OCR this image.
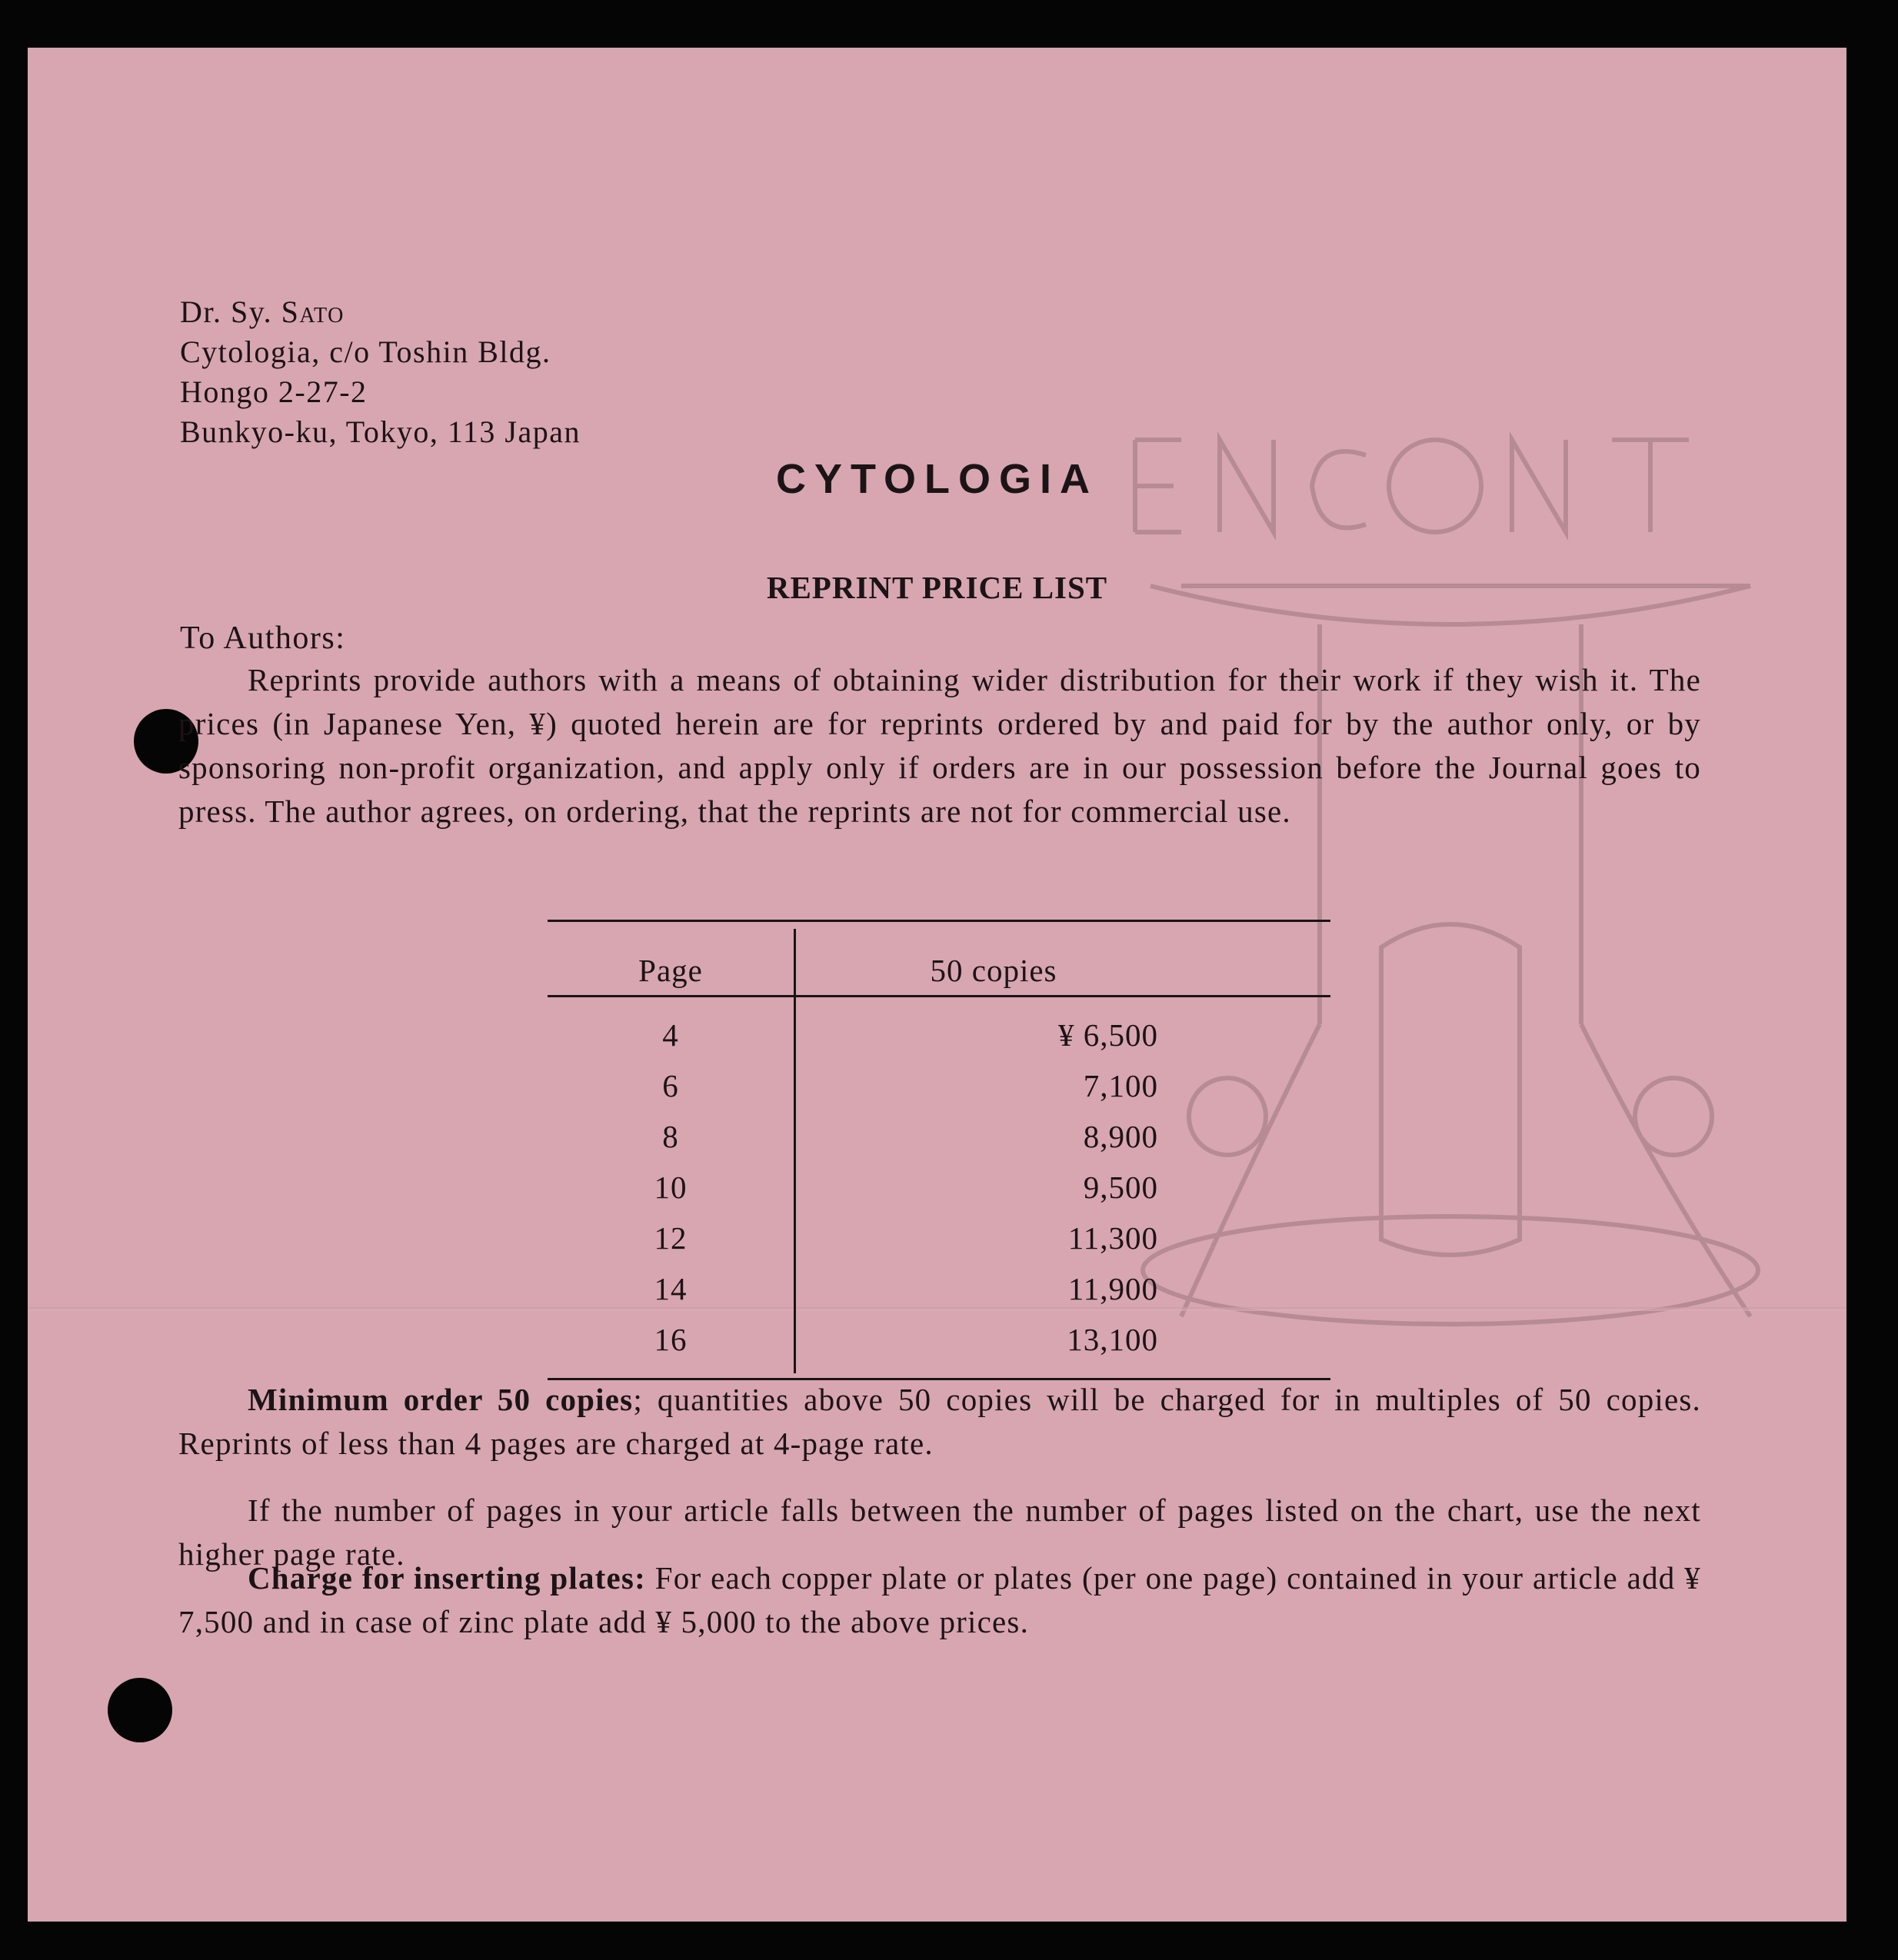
Dr. Sy. Sato
Cytologia, c/o Toshin Bldg.
Hongo 2-27-2
Bunkyo-ku, Tokyo, 113 Japan
CYTOLOGIA
REPRINT PRICE LIST
To Authors:
Reprints provide authors with a means of obtaining wider distribution for their work if they wish it. The prices (in Japanese Yen, ¥) quoted herein are for reprints ordered by and paid for by the author only, or by sponsoring non-profit organization, and apply only if orders are in our possession before the Journal goes to press. The author agrees, on ordering, that the reprints are not for commercial use.
Page	50 copies
4	¥ 6,500
6	7,100
8	8,900
10	9,500
12	11,300
14	11,900
16	13,100
Minimum order 50 copies; quantities above 50 copies will be charged for in multiples of 50 copies. Reprints of less than 4 pages are charged at 4-page rate.
If the number of pages in your article falls between the number of pages listed on the chart, use the next higher page rate.
Charge for inserting plates: For each copper plate or plates (per one page) contained in your article add ¥ 7,500 and in case of zinc plate add ¥ 5,000 to the above prices.
